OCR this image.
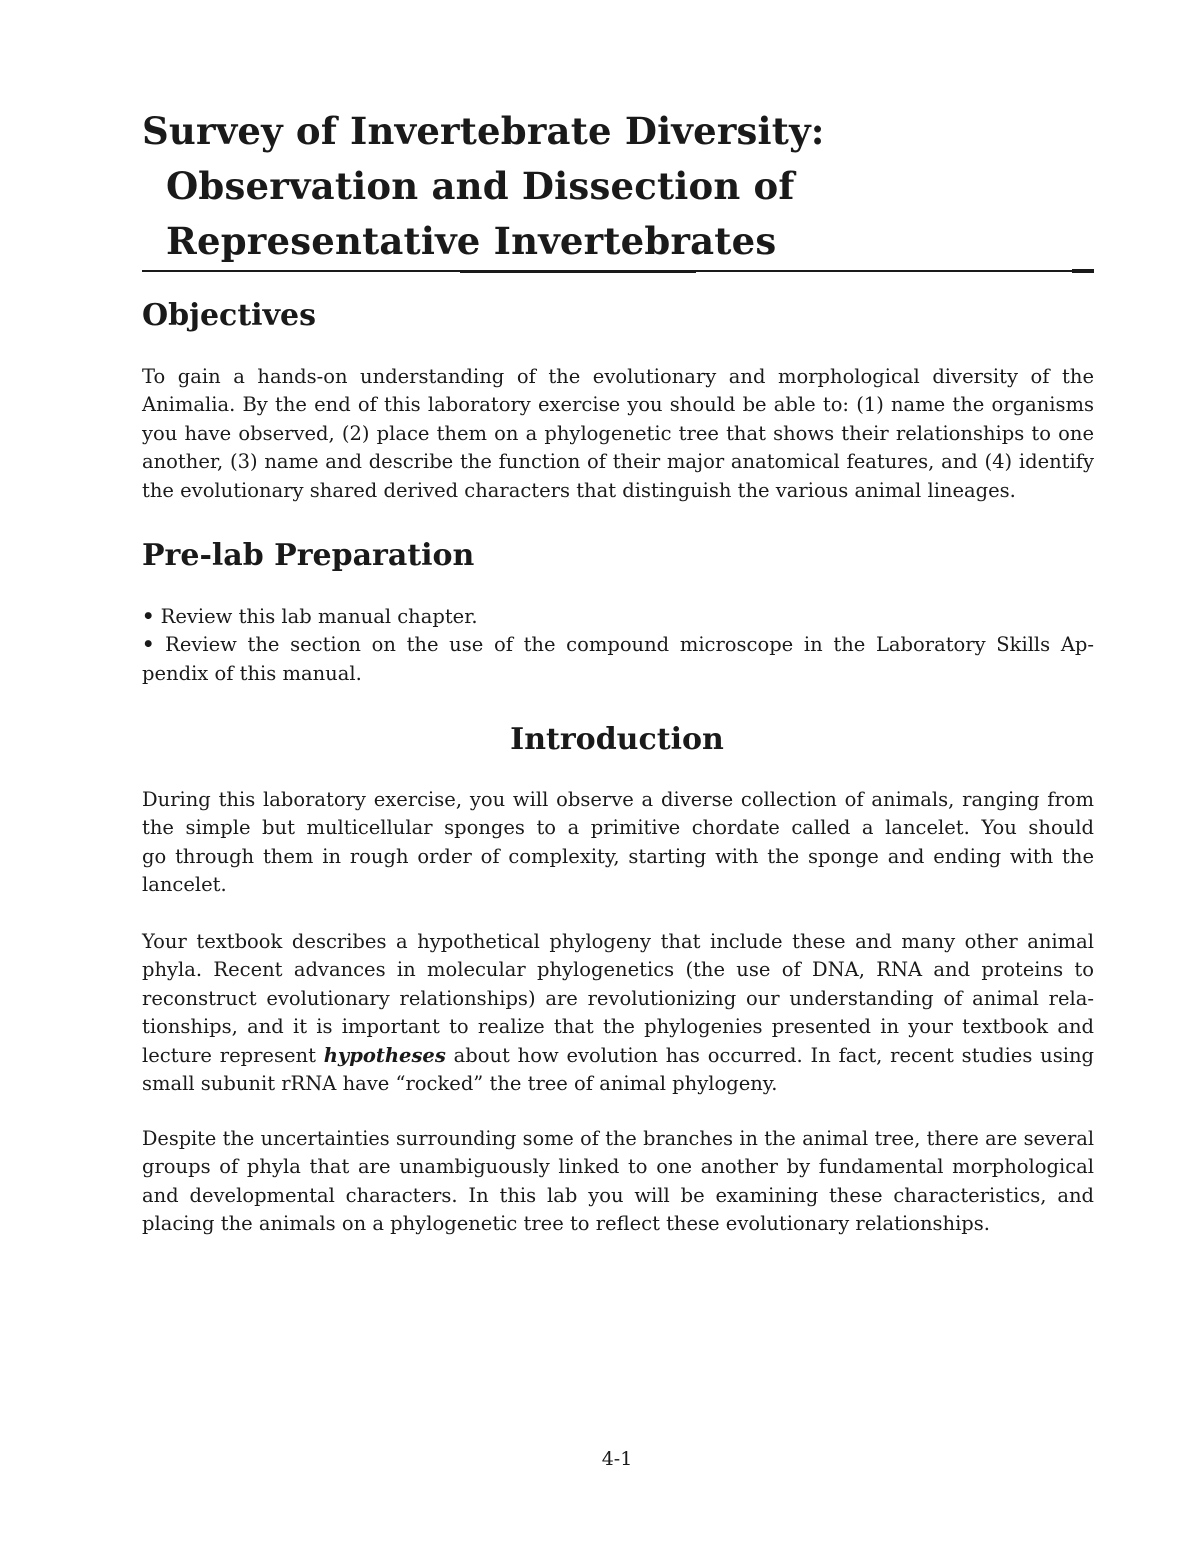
Survey of Invertebrate Diversity:
Observation and Dissection of
Representative Invertebrates
Objectives
To gain a hands-on understanding of the evolutionary and morphological diversity of the
Animalia. By the end of this laboratory exercise you should be able to: (1) name the organisms
you have observed, (2) place them on a phylogenetic tree that shows their relationships to one
another, (3) name and describe the function of their major anatomical features, and (4) identify
the evolutionary shared derived characters that distinguish the various animal lineages.
Pre-lab Preparation
• Review this lab manual chapter.
• Review the section on the use of the compound microscope in the Laboratory Skills Ap-
pendix of this manual.
Introduction
During this laboratory exercise, you will observe a diverse collection of animals, ranging from
the simple but multicellular sponges to a primitive chordate called a lancelet. You should
go through them in rough order of complexity, starting with the sponge and ending with the
lancelet.
Your textbook describes a hypothetical phylogeny that include these and many other animal
phyla. Recent advances in molecular phylogenetics (the use of DNA, RNA and proteins to
reconstruct evolutionary relationships) are revolutionizing our understanding of animal rela-
tionships, and it is important to realize that the phylogenies presented in your textbook and
lecture represent hypotheses about how evolution has occurred. In fact, recent studies using
small subunit rRNA have “rocked” the tree of animal phylogeny.
Despite the uncertainties surrounding some of the branches in the animal tree, there are several
groups of phyla that are unambiguously linked to one another by fundamental morphological
and developmental characters. In this lab you will be examining these characteristics, and
placing the animals on a phylogenetic tree to reflect these evolutionary relationships.
4-1
